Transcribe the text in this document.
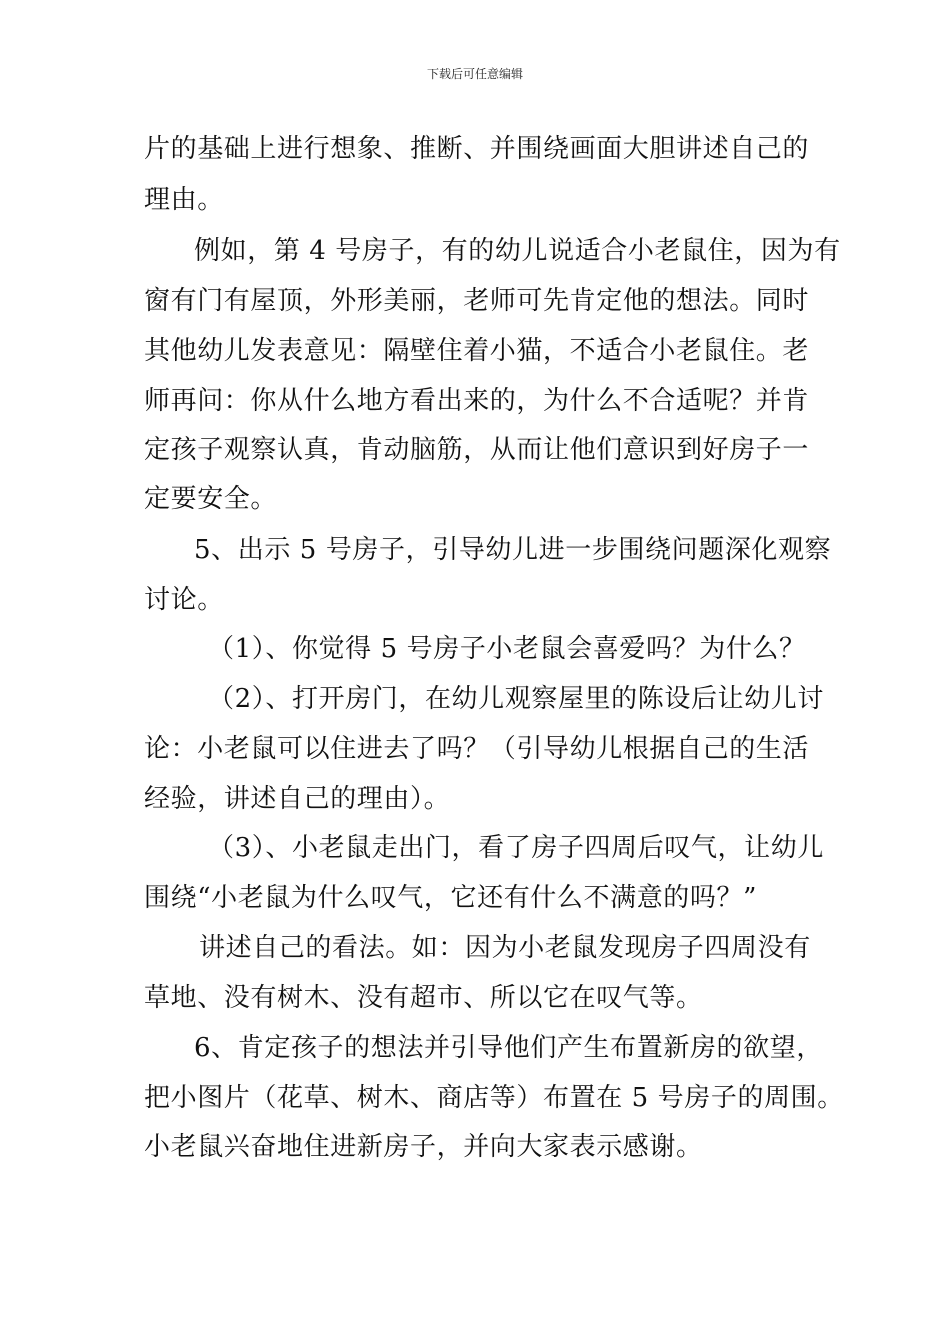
下载后可任意编辑
片的基础上进行想象、推断、并围绕画面大胆讲述自己的
理由。
例如，第 4 号房子，有的幼儿说适合小老鼠住，因为有
窗有门有屋顶，外形美丽，老师可先肯定他的想法。同时
其他幼儿发表意见：隔壁住着小猫，不适合小老鼠住。老
师再问：你从什么地方看出来的，为什么不合适呢？并肯
定孩子观察认真，肯动脑筋，从而让他们意识到好房子一
定要安全。
5、出示 5 号房子，引导幼儿进一步围绕问题深化观察
讨论。
（1）、你觉得 5 号房子小老鼠会喜爱吗？为什么？
（2）、打开房门，在幼儿观察屋里的陈设后让幼儿讨
论：小老鼠可以住进去了吗？（引导幼儿根据自己的生活
经验，讲述自己的理由）。
（3）、小老鼠走出门，看了房子四周后叹气，让幼儿
围绕“小老鼠为什么叹气，它还有什么不满意的吗？”
讲述自己的看法。如：因为小老鼠发现房子四周没有
草地、没有树木、没有超市、所以它在叹气等。
6、肯定孩子的想法并引导他们产生布置新房的欲望，
把小图片（花草、树木、商店等）布置在 5 号房子的周围。
小老鼠兴奋地住进新房子，并向大家表示感谢。
